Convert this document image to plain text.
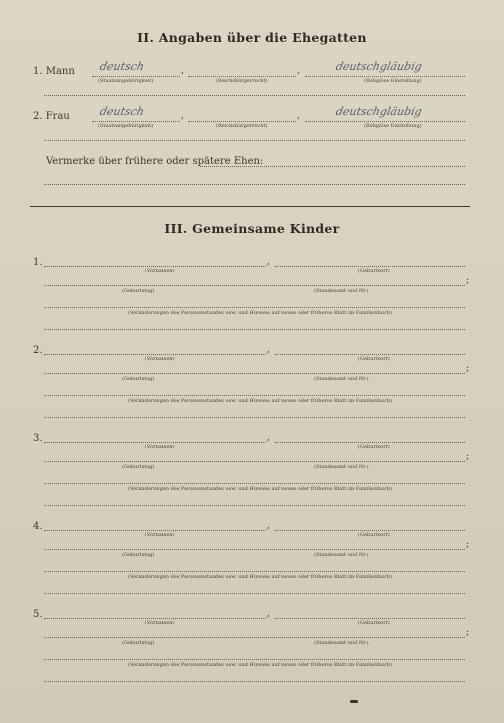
II. Angaben über die Ehegatten
1. Mann deutsch	,	,	deutschgläubig
(Staatsangehörigkeit)	(Reichsbürgerrecht)	(Religiöse Einstellung)
2. Frau	deutsch	,	,	deutschgläubig
(Staatsangehörigkeit)	(Reichsbürgerrecht)	(Religiöse Einstellung)
Vermerke über frühere oder spätere Ehen:
III. Gemeinsame Kinder
1.	,
(Vornamen)	(Geburtsort)
;
(Geburtstag)	(Standesamt und Nr.)
(Veränderungen des Personenstandes usw. und Hinweis auf neues oder früheres Blatt im Familienbuch)
2.	,
(Vornamen)	(Geburtsort)
;
(Geburtstag)	(Standesamt und Nr.)
(Veränderungen des Personenstandes usw. und Hinweis auf neues oder früheres Blatt im Familienbuch)
3.	,
(Vornamen)	(Geburtsort)
;
(Geburtstag)	(Standesamt und Nr.)
(Veränderungen des Personenstandes usw. und Hinweis auf neues oder früheres Blatt im Familienbuch)
4.	,
(Vornamen)	(Geburtsort)
;
(Geburtstag)	(Standesamt und Nr.)
(Veränderungen des Personenstandes usw. und Hinweis auf neues oder früheres Blatt im Familienbuch)
5.	,
(Vornamen)	(Geburtsort)
;
(Geburtstag)	(Standesamt und Nr.)
(Veränderungen des Personenstandes usw. und Hinweis auf neues oder früheres Blatt im Familienbuch)
